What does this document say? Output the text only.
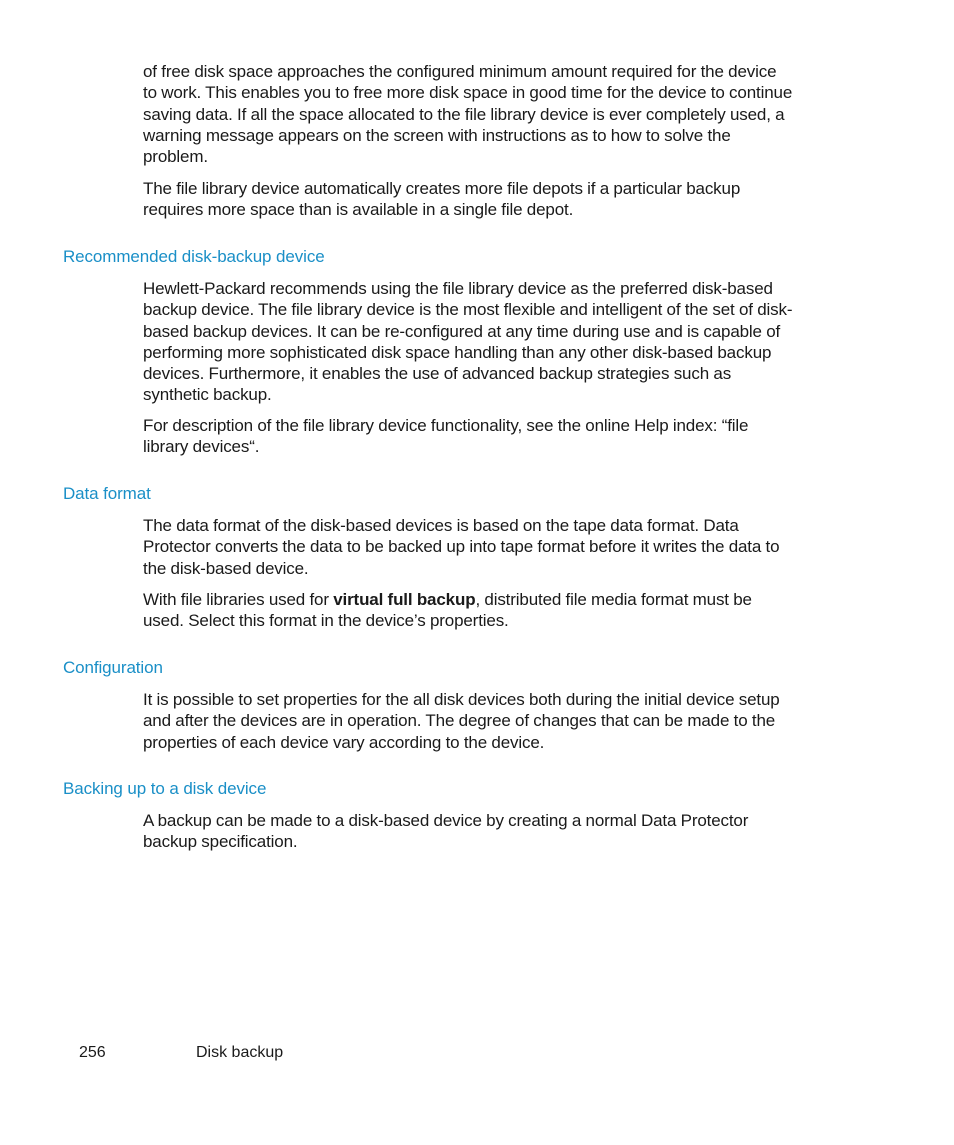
of free disk space approaches the configured minimum amount required for the device to work. This enables you to free more disk space in good time for the device to continue saving data. If all the space allocated to the file library device is ever completely used, a warning message appears on the screen with instructions as to how to solve the problem.

The file library device automatically creates more file depots if a particular backup requires more space than is available in a single file depot.

Recommended disk-backup device

Hewlett-Packard recommends using the file library device as the preferred disk-based backup device. The file library device is the most flexible and intelligent of the set of disk-based backup devices. It can be re-configured at any time during use and is capable of performing more sophisticated disk space handling than any other disk-based backup devices. Furthermore, it enables the use of advanced backup strategies such as synthetic backup.

For description of the file library device functionality, see the online Help index: “file library devices“.

Data format

The data format of the disk-based devices is based on the tape data format. Data Protector converts the data to be backed up into tape format before it writes the data to the disk-based device.

With file libraries used for virtual full backup, distributed file media format must be used. Select this format in the device’s properties.

Configuration

It is possible to set properties for the all disk devices both during the initial device setup and after the devices are in operation. The degree of changes that can be made to the properties of each device vary according to the device.

Backing up to a disk device

A backup can be made to a disk-based device by creating a normal Data Protector backup specification.

256	Disk backup
